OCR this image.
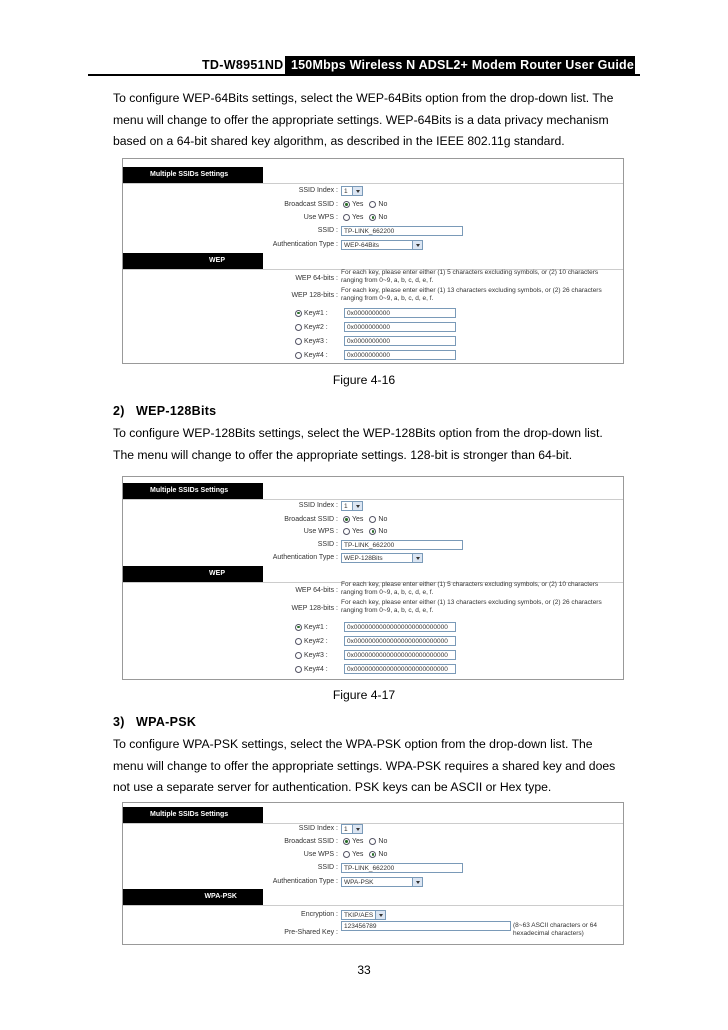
TD-W8951ND 150Mbps Wireless N ADSL2+ Modem Router User Guide
To configure WEP-64Bits settings, select the WEP-64Bits option from the drop-down list. The
menu will change to offer the appropriate settings. WEP-64Bits is a data privacy mechanism
based on a 64-bit shared key algorithm, as described in the IEEE 802.11g standard.
Multiple SSIDs Settings
SSID Index : 1
Broadcast SSID : Yes No
Use WPS : Yes No
SSID : TP-LINK_662200
Authentication Type : WEP-64Bits
WEP
WEP 64-bits :
For each key, please enter either (1) 5 characters excluding symbols, or (2) 10 characters ranging from 0~9, a, b, c, d, e, f.
WEP 128-bits :
For each key, please enter either (1) 13 characters excluding symbols, or (2) 26 characters ranging from 0~9, a, b, c, d, e, f.
Key#1 :	0x0000000000
Key#2 :	0x0000000000
Key#3 :	0x0000000000
Key#4 :	0x0000000000
Figure 4-16
2)   WEP-128Bits
To configure WEP-128Bits settings, select the WEP-128Bits option from the drop-down list.
The menu will change to offer the appropriate settings. 128-bit is stronger than 64-bit.
Multiple SSIDs Settings
SSID Index : 1
Broadcast SSID : Yes No
Use WPS : Yes No
SSID : TP-LINK_662200
Authentication Type : WEP-128Bits
WEP
WEP 64-bits :
For each key, please enter either (1) 5 characters excluding symbols, or (2) 10 characters ranging from 0~9, a, b, c, d, e, f.
WEP 128-bits :
For each key, please enter either (1) 13 characters excluding symbols, or (2) 26 characters ranging from 0~9, a, b, c, d, e, f.
Key#1 :	0x00000000000000000000000000
Key#2 :	0x00000000000000000000000000
Key#3 :	0x00000000000000000000000000
Key#4 :	0x00000000000000000000000000
Figure 4-17
3)   WPA-PSK
To configure WPA-PSK settings, select the WPA-PSK option from the drop-down list. The
menu will change to offer the appropriate settings. WPA-PSK requires a shared key and does
not use a separate server for authentication. PSK keys can be ASCII or Hex type.
Multiple SSIDs Settings
SSID Index : 1
Broadcast SSID : Yes No
Use WPS : Yes No
SSID : TP-LINK_662200
Authentication Type : WPA-PSK
WPA-PSK
Encryption : TKIP/AES
Pre-Shared Key :
123456789	(8~63 ASCII characters or 64 hexadecimal characters)
33
